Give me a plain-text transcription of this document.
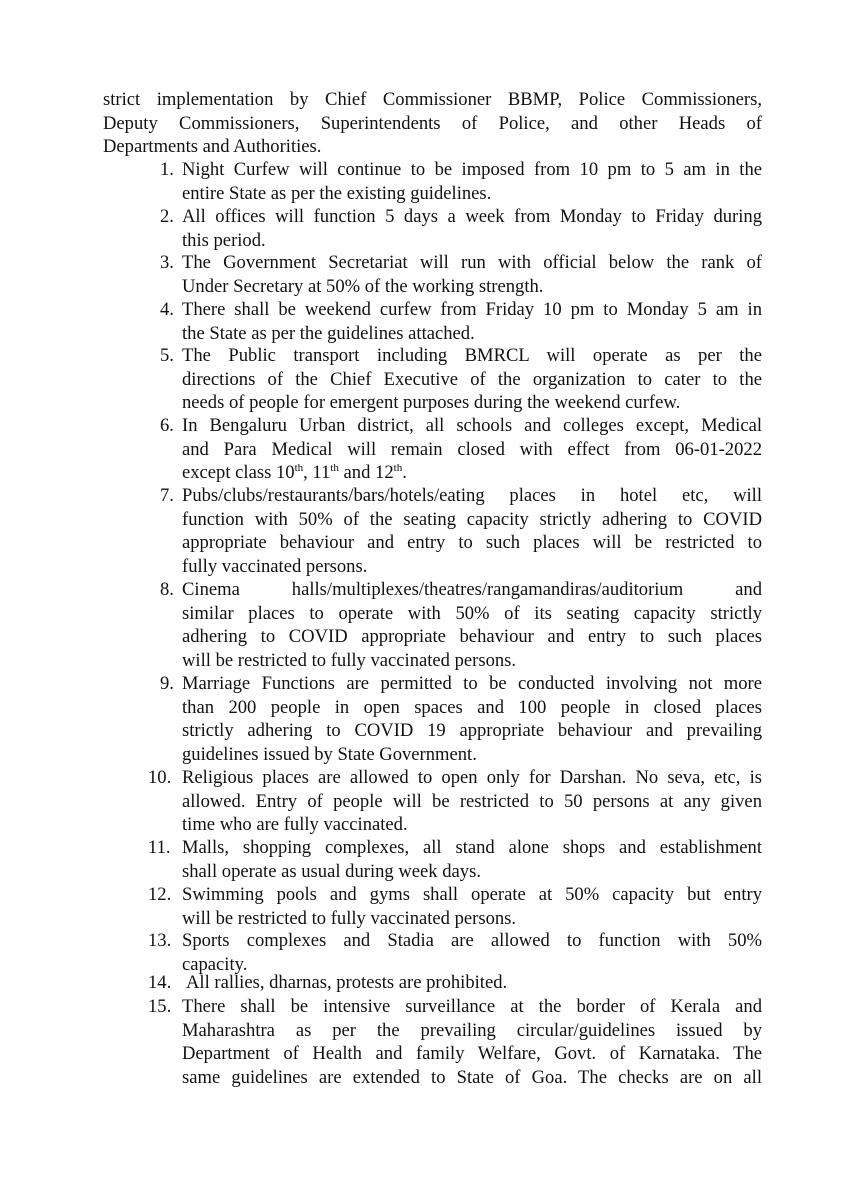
strict implementation by Chief Commissioner BBMP, Police Commissioners,
Deputy Commissioners, Superintendents of Police, and other Heads of
Departments and Authorities.
1. Night Curfew will continue to be imposed from 10 pm to 5 am in the
entire State as per the existing guidelines.
2. All offices will function 5 days a week from Monday to Friday during
this period.
3. The Government Secretariat will run with official below the rank of
Under Secretary at 50% of the working strength.
4. There shall be weekend curfew from Friday 10 pm to Monday 5 am in
the State as per the guidelines attached.
5. The Public transport including BMRCL will operate as per the
directions of the Chief Executive of the organization to cater to the
needs of people for emergent purposes during the weekend curfew.
6. In Bengaluru Urban district, all schools and colleges except, Medical
and Para Medical will remain closed with effect from 06-01-2022
except class 10th, 11th and 12th.
7. Pubs/clubs/restaurants/bars/hotels/eating places in hotel etc, will
function with 50% of the seating capacity strictly adhering to COVID
appropriate behaviour and entry to such places will be restricted to
fully vaccinated persons.
8. Cinema halls/multiplexes/theatres/rangamandiras/auditorium and
similar places to operate with 50% of its seating capacity strictly
adhering to COVID appropriate behaviour and entry to such places
will be restricted to fully vaccinated persons.
9. Marriage Functions are permitted to be conducted involving not more
than 200 people in open spaces and 100 people in closed places
strictly adhering to COVID 19 appropriate behaviour and prevailing
guidelines issued by State Government.
10. Religious places are allowed to open only for Darshan. No seva, etc, is
allowed. Entry of people will be restricted to 50 persons at any given
time who are fully vaccinated.
11. Malls, shopping complexes, all stand alone shops and establishment
shall operate as usual during week days.
12. Swimming pools and gyms shall operate at 50% capacity but entry
will be restricted to fully vaccinated persons.
13. Sports complexes and Stadia are allowed to function with 50%
capacity.
14. All rallies, dharnas, protests are prohibited.
15. There shall be intensive surveillance at the border of Kerala and
Maharashtra as per the prevailing circular/guidelines issued by
Department of Health and family Welfare, Govt. of Karnataka. The
same guidelines are extended to State of Goa. The checks are on all
